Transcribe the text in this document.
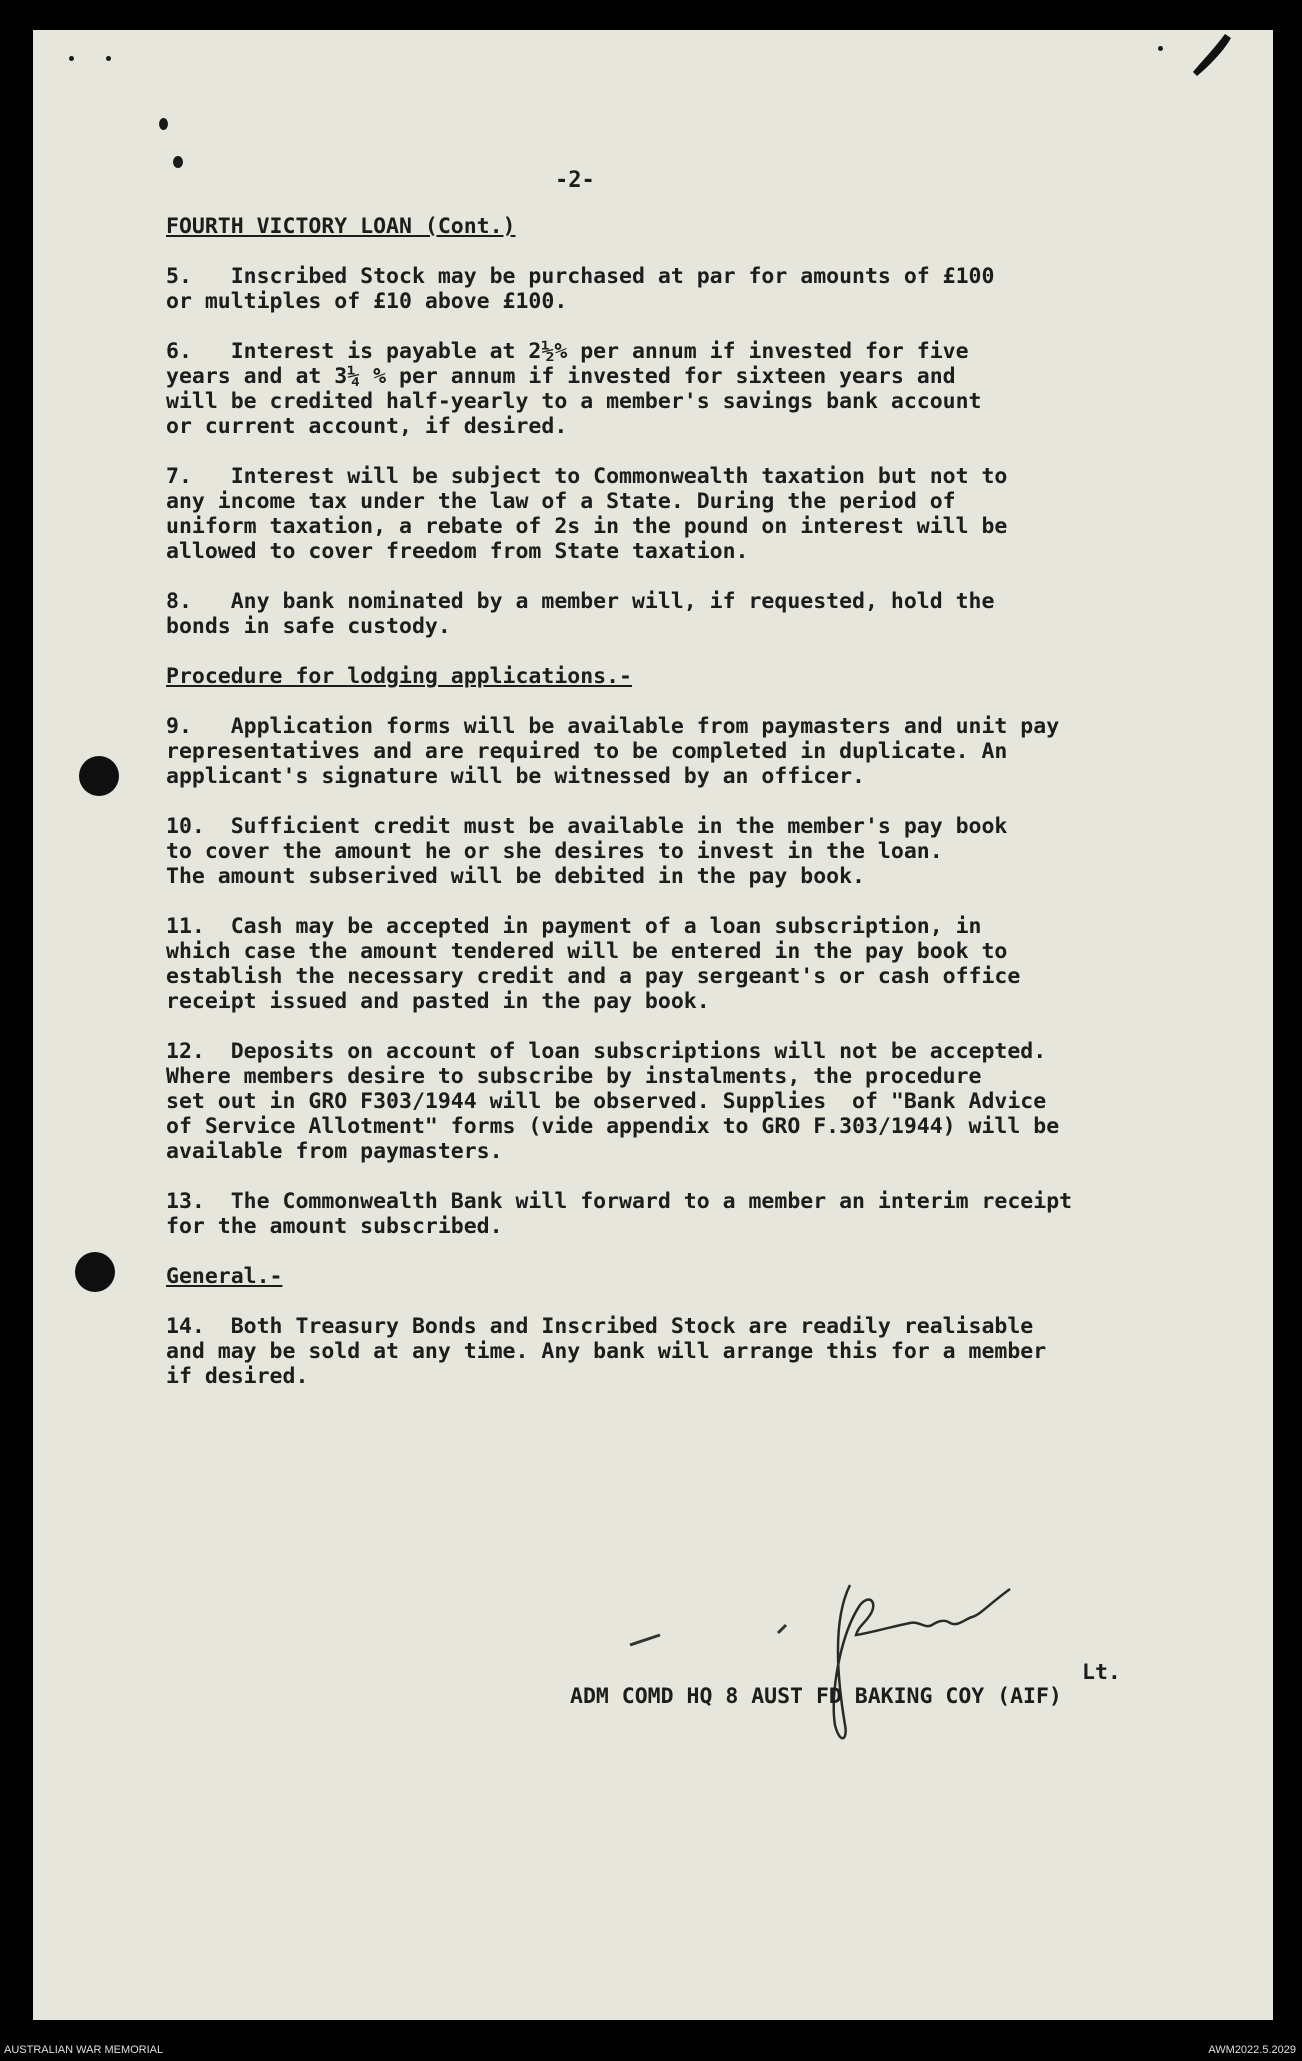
-2-

FOURTH VICTORY LOAN (Cont.)

5.   Inscribed Stock may be purchased at par for amounts of £100

or multiples of £10 above £100.

6.   Interest is payable at 2½% per annum if invested for five

years and at 3¼ % per annum if invested for sixteen years and

will be credited half-yearly to a member's savings bank account

or current account, if desired.

7.   Interest will be subject to Commonwealth taxation but not to

any income tax under the law of a State. During the period of

uniform taxation, a rebate of 2s in the pound on interest will be

allowed to cover freedom from State taxation.

8.   Any bank nominated by a member will, if requested, hold the

bonds in safe custody.

Procedure for lodging applications.-

9.   Application forms will be available from paymasters and unit pay

representatives and are required to be completed in duplicate. An

applicant's signature will be witnessed by an officer.

10.  Sufficient credit must be available in the member's pay book

to cover the amount he or she desires to invest in the loan.

The amount subserived will be debited in the pay book.

11.  Cash may be accepted in payment of a loan subscription, in

which case the amount tendered will be entered in the pay book to

establish the necessary credit and a pay sergeant's or cash office

receipt issued and pasted in the pay book.

12.  Deposits on account of loan subscriptions will not be accepted.

Where members desire to subscribe by instalments, the procedure

set out in GRO F303/1944 will be observed. Supplies  of "Bank Advice

of Service Allotment" forms (vide appendix to GRO F.303/1944) will be

available from paymasters.

13.  The Commonwealth Bank will forward to a member an interim receipt

for the amount subscribed.

General.-

14.  Both Treasury Bonds and Inscribed Stock are readily realisable

and may be sold at any time. Any bank will arrange this for a member

if desired.

Lt.
ADM COMD HQ 8 AUST FD BAKING COY (AIF)
AUSTRALIAN WAR MEMORIAL	AWM2022.5.2029
